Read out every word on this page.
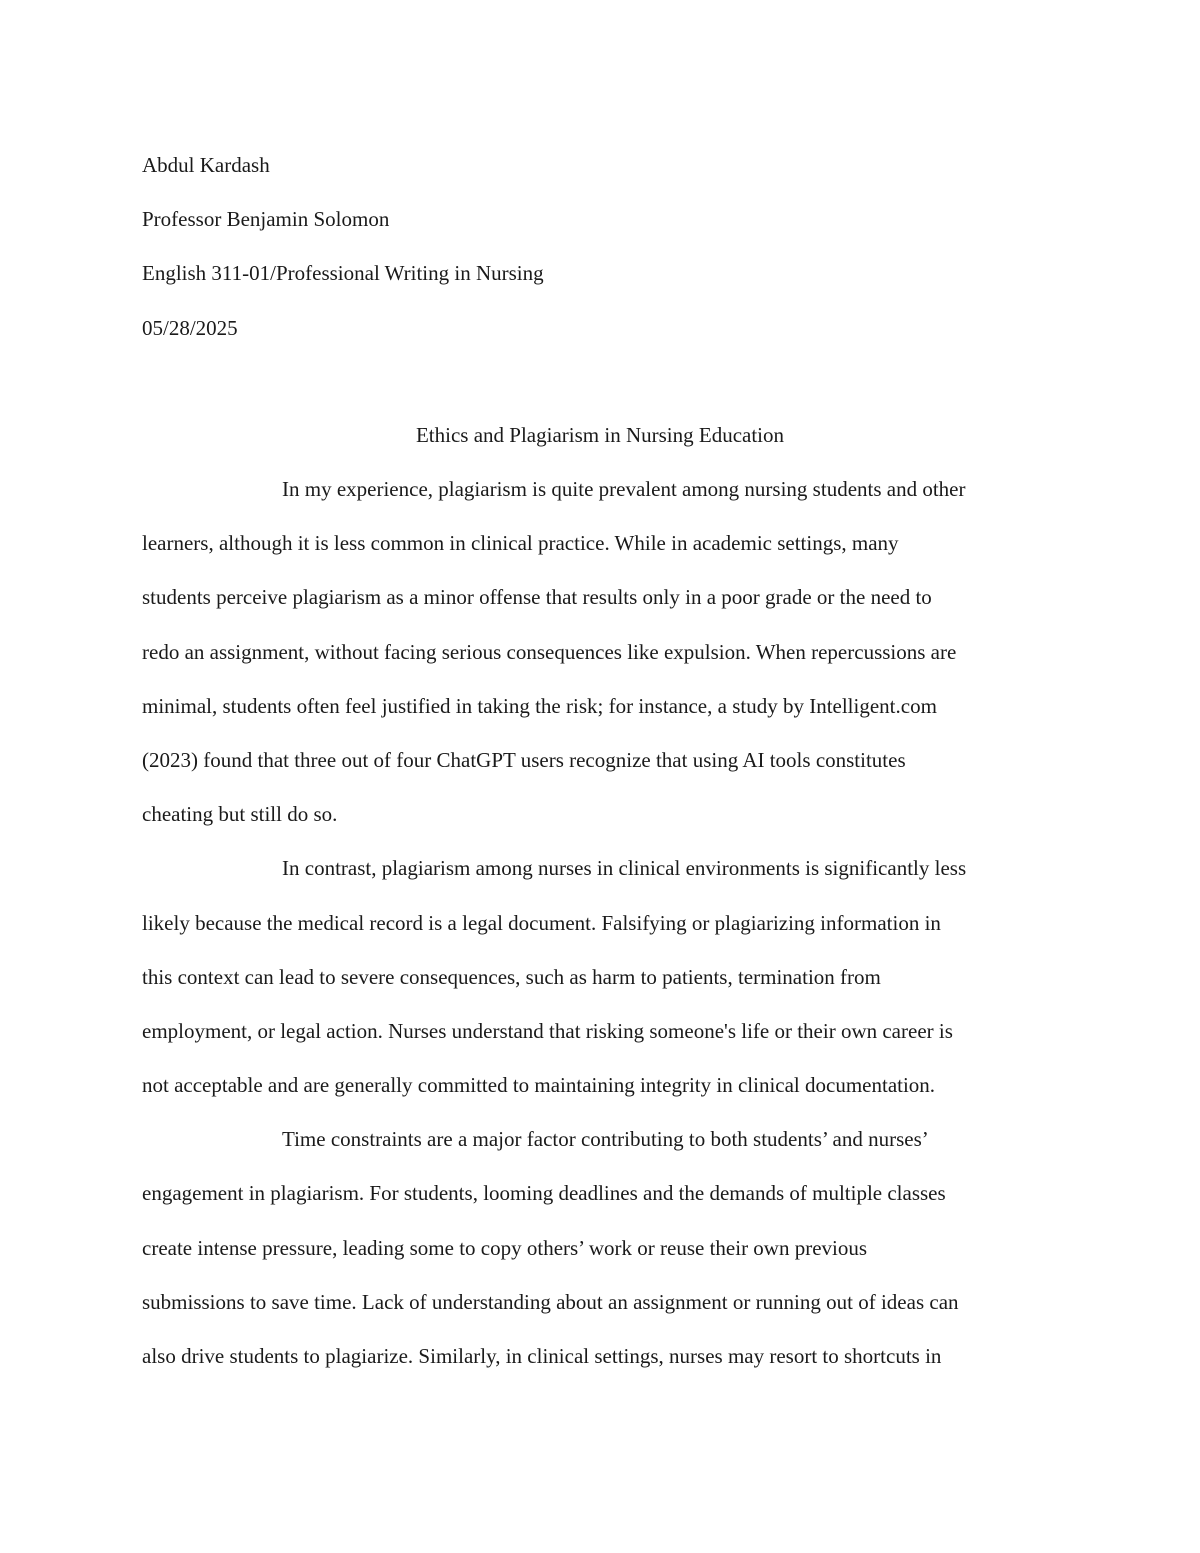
Abdul Kardash
Professor Benjamin Solomon
English 311-01/Professional Writing in Nursing
05/28/2025
Ethics and Plagiarism in Nursing Education
In my experience, plagiarism is quite prevalent among nursing students and other
learners, although it is less common in clinical practice. While in academic settings, many
students perceive plagiarism as a minor offense that results only in a poor grade or the need to
redo an assignment, without facing serious consequences like expulsion. When repercussions are
minimal, students often feel justified in taking the risk; for instance, a study by Intelligent.com
(2023) found that three out of four ChatGPT users recognize that using AI tools constitutes
cheating but still do so.
In contrast, plagiarism among nurses in clinical environments is significantly less
likely because the medical record is a legal document. Falsifying or plagiarizing information in
this context can lead to severe consequences, such as harm to patients, termination from
employment, or legal action. Nurses understand that risking someone's life or their own career is
not acceptable and are generally committed to maintaining integrity in clinical documentation.
Time constraints are a major factor contributing to both students’ and nurses’
engagement in plagiarism. For students, looming deadlines and the demands of multiple classes
create intense pressure, leading some to copy others’ work or reuse their own previous
submissions to save time. Lack of understanding about an assignment or running out of ideas can
also drive students to plagiarize. Similarly, in clinical settings, nurses may resort to shortcuts in
